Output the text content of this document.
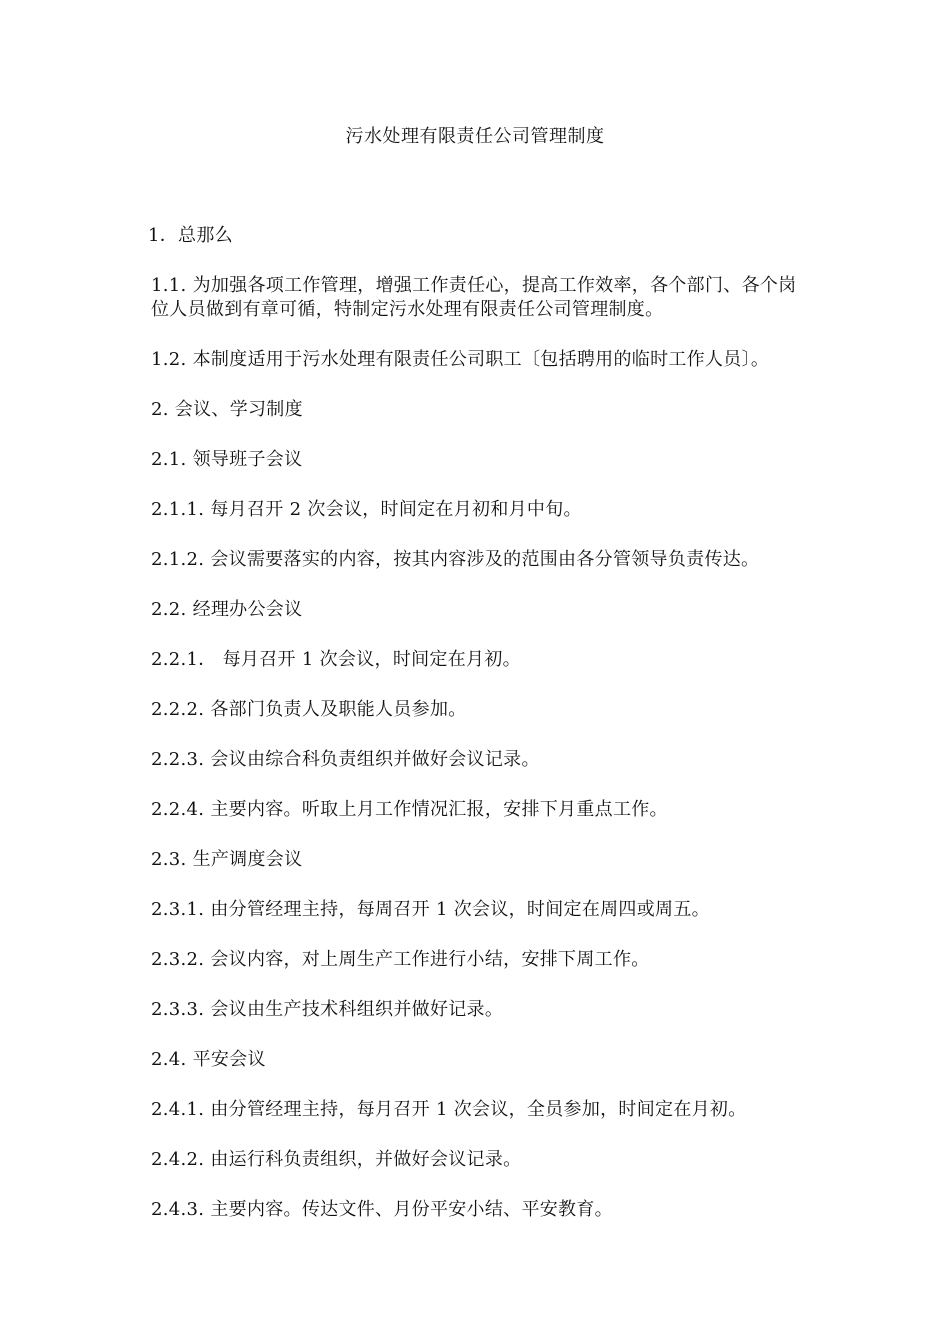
污水处理有限责任公司管理制度

1．总那么

1.1. 为加强各项工作管理，增强工作责任心，提高工作效率，各个部门、各个岗位人员做到有章可循，特制定污水处理有限责任公司管理制度。

1.2. 本制度适用于污水处理有限责任公司职工〔包括聘用的临时工作人员〕。

2. 会议、学习制度

2.1. 领导班子会议

2.1.1. 每月召开 2 次会议，时间定在月初和月中旬。

2.1.2. 会议需要落实的内容，按其内容涉及的范围由各分管领导负责传达。

2.2. 经理办公会议

2.2.1． 每月召开 1 次会议，时间定在月初。

2.2.2. 各部门负责人及职能人员参加。

2.2.3. 会议由综合科负责组织并做好会议记录。

2.2.4. 主要内容。听取上月工作情况汇报，安排下月重点工作。

2.3. 生产调度会议

2.3.1. 由分管经理主持，每周召开 1 次会议，时间定在周四或周五。

2.3.2. 会议内容，对上周生产工作进行小结，安排下周工作。

2.3.3. 会议由生产技术科组织并做好记录。

2.4. 平安会议

2.4.1. 由分管经理主持，每月召开 1 次会议，全员参加，时间定在月初。

2.4.2. 由运行科负责组织，并做好会议记录。

2.4.3. 主要内容。传达文件、月份平安小结、平安教育。
